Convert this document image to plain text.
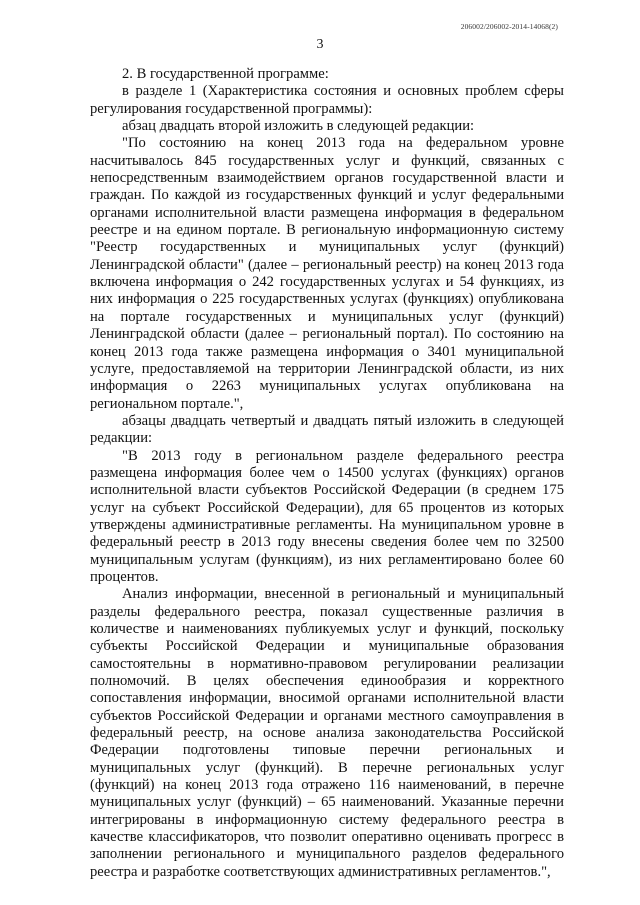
206002/206002-2014-14068(2)
3

2. В государственной программе:

в разделе 1 (Характеристика состояния и основных проблем сферы регулирования государственной программы):

абзац двадцать второй изложить в следующей редакции:

"По состоянию на конец 2013 года на федеральном уровне насчитывалось 845 государственных услуг и функций, связанных с непосредственным взаимодействием органов государственной власти и граждан. По каждой из государственных функций и услуг федеральными органами исполнительной власти размещена информация в федеральном реестре и на едином портале. В региональную информационную систему "Реестр государственных и муниципальных услуг (функций) Ленинградской области" (далее – региональный реестр) на конец 2013 года включена информация о 242 государственных услугах и 54 функциях, из них информация о 225 государственных услугах (функциях) опубликована на портале государственных и муниципальных услуг (функций) Ленинградской области (далее – региональный портал). По состоянию на конец 2013 года также размещена информация о 3401 муниципальной услуге, предоставляемой на территории Ленинградской области, из них информация о 2263 муниципальных услугах опубликована на региональном портале.",

абзацы двадцать четвертый и двадцать пятый изложить в следующей редакции:

"В 2013 году в региональном разделе федерального реестра размещена информация более чем о 14500 услугах (функциях) органов исполнительной власти субъектов Российской Федерации (в среднем 175 услуг на субъект Российской Федерации), для 65 процентов из которых утверждены административные регламенты. На муниципальном уровне в федеральный реестр в 2013 году внесены сведения более чем по 32500 муниципальным услугам (функциям), из них регламентировано более 60 процентов.

Анализ информации, внесенной в региональный и муниципальный разделы федерального реестра, показал существенные различия в количестве и наименованиях публикуемых услуг и функций, поскольку субъекты Российской Федерации и муниципальные образования самостоятельны в нормативно-правовом регулировании реализации полномочий. В целях обеспечения единообразия и корректного сопоставления информации, вносимой органами исполнительной власти субъектов Российской Федерации и органами местного самоуправления в федеральный реестр, на основе анализа законодательства Российской Федерации подготовлены типовые перечни региональных и муниципальных услуг (функций). В перечне региональных услуг (функций) на конец 2013 года отражено 116 наименований, в перечне муниципальных услуг (функций) – 65 наименований. Указанные перечни интегрированы в информационную систему федерального реестра в качестве классификаторов, что позволит оперативно оценивать прогресс в заполнении регионального и муниципального разделов федерального реестра и разработке соответствующих административных регламентов.",
